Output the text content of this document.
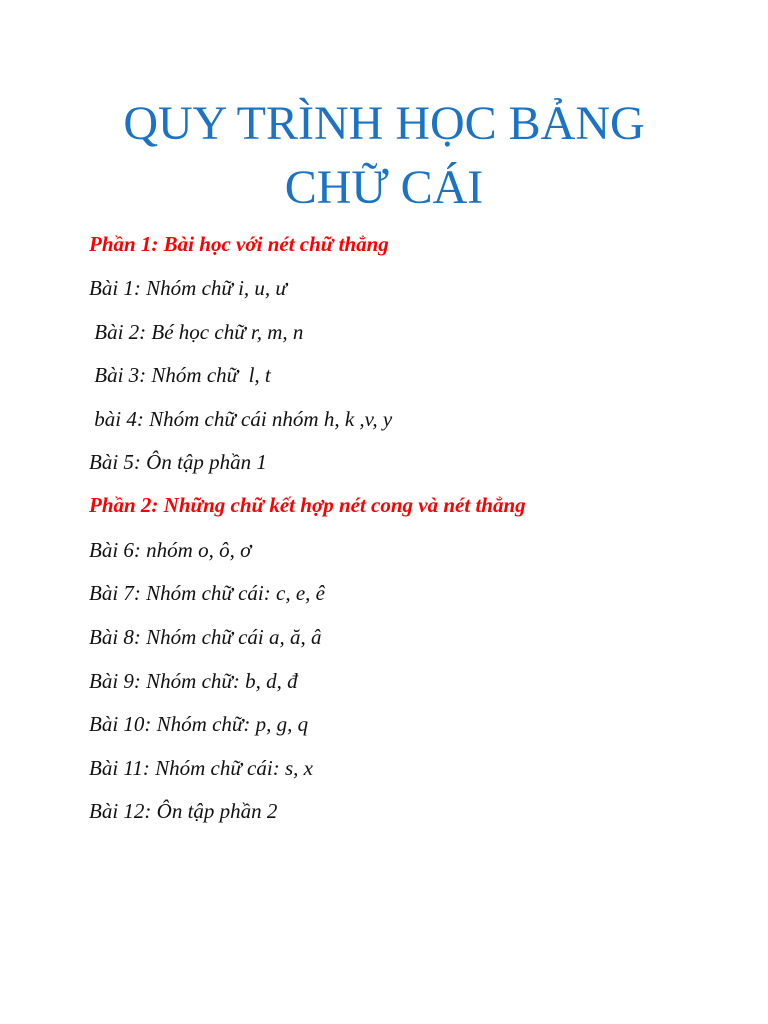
QUY TRÌNH HỌC BẢNG
CHỮ CÁI
Phần 1: Bài học với nét chữ thẳng
Bài 1: Nhóm chữ i, u, ư
Bài 2: Bé học chữ r, m, n
Bài 3: Nhóm chữ  l, t
bài 4: Nhóm chữ cái nhóm h, k ,v, y
Bài 5: Ôn tập phần 1
Phần 2: Những chữ kết hợp nét cong và nét thẳng
Bài 6: nhóm o, ô, ơ
Bài 7: Nhóm chữ cái: c, e, ê
Bài 8: Nhóm chữ cái a, ă, â
Bài 9: Nhóm chữ: b, d, đ
Bài 10: Nhóm chữ: p, g, q
Bài 11: Nhóm chữ cái: s, x
Bài 12: Ôn tập phần 2
